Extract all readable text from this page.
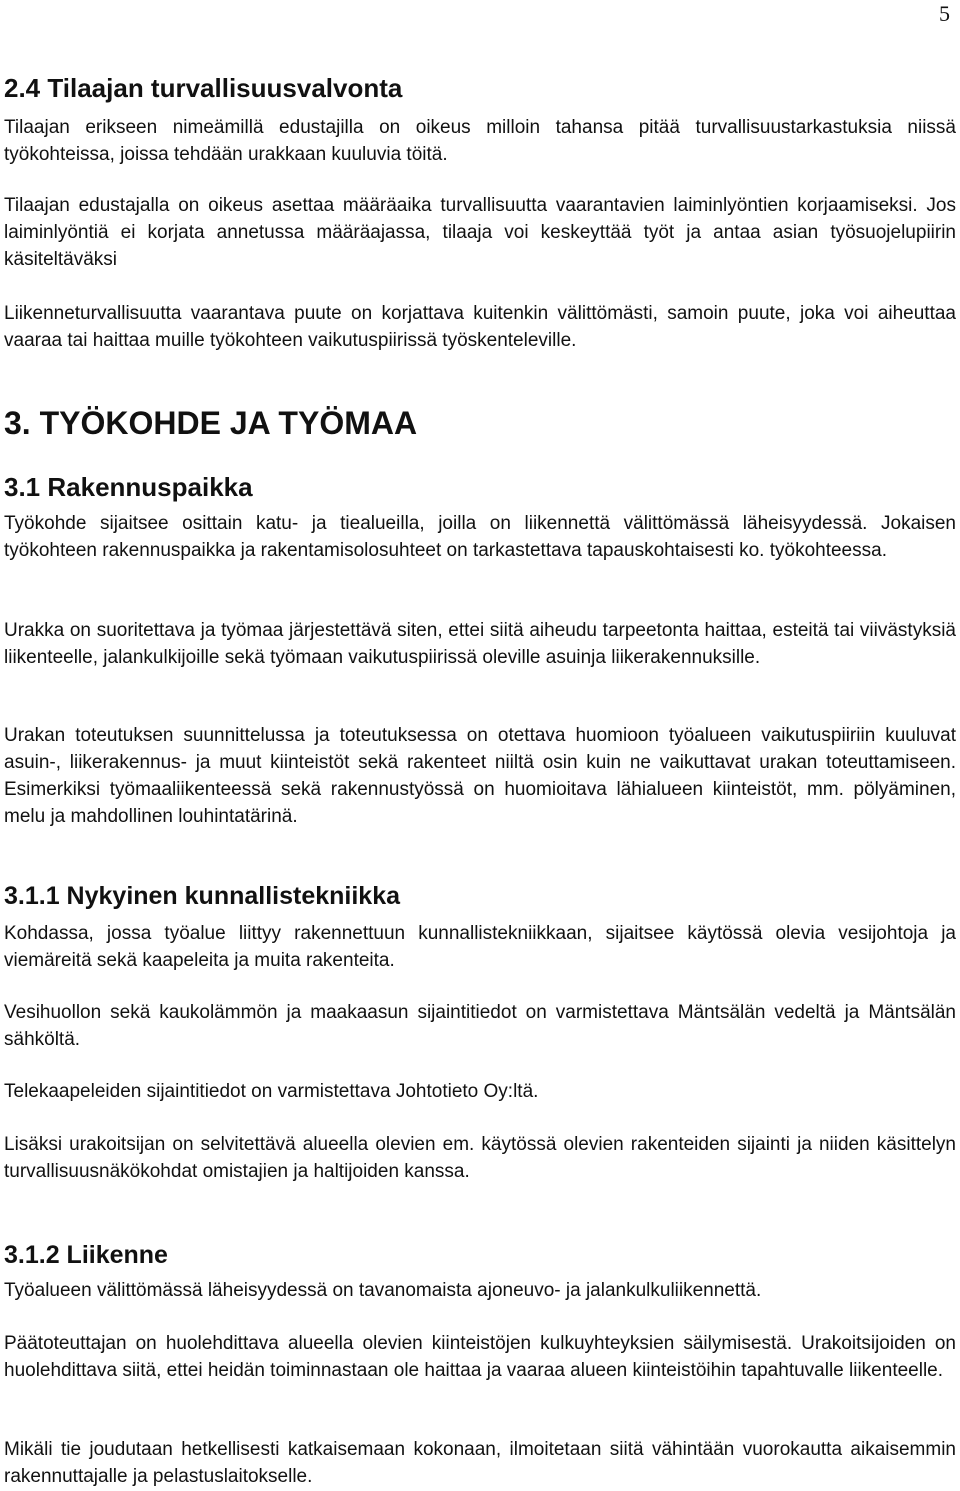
5
2.4 Tilaajan turvallisuusvalvonta

Tilaajan erikseen nimeämillä edustajilla on oikeus milloin tahansa pitää turvallisuustarkastuksia niissä työkohteissa, joissa tehdään urakkaan kuuluvia töitä.

Tilaajan edustajalla on oikeus asettaa määräaika turvallisuutta vaarantavien laiminlyöntien korjaamiseksi. Jos laiminlyöntiä ei korjata annetussa määräajassa, tilaaja voi keskeyttää työt ja antaa asian työsuojelupiirin käsiteltäväksi

Liikenneturvallisuutta vaarantava puute on korjattava kuitenkin välittömästi, samoin puute, joka voi aiheuttaa vaaraa tai haittaa muille työkohteen vaikutuspiirissä työskenteleville.

3. TYÖKOHDE JA TYÖMAA
3.1 Rakennuspaikka

Työkohde sijaitsee osittain katu- ja tiealueilla, joilla on liikennettä välittömässä läheisyydessä. Jokaisen työkohteen rakennuspaikka ja rakentamisolosuhteet on tarkastettava tapauskohtaisesti ko. työkohteessa.

Urakka on suoritettava ja työmaa järjestettävä siten, ettei siitä aiheudu tarpeetonta haittaa, esteitä tai viivästyksiä liikenteelle, jalankulkijoille sekä työmaan vaikutuspiirissä oleville asuinja liikerakennuksille.

Urakan toteutuksen suunnittelussa ja toteutuksessa on otettava huomioon työalueen vaikutuspiiriin kuuluvat asuin-, liikerakennus- ja muut kiinteistöt sekä rakenteet niiltä osin kuin ne vaikuttavat urakan toteuttamiseen. Esimerkiksi työmaaliikenteessä sekä rakennustyössä on huomioitava lähialueen kiinteistöt, mm. pölyäminen, melu ja mahdollinen louhintatärinä.

3.1.1 Nykyinen kunnallistekniikka

Kohdassa, jossa työalue liittyy rakennettuun kunnallistekniikkaan, sijaitsee käytössä olevia vesijohtoja ja viemäreitä sekä kaapeleita ja muita rakenteita.

Vesihuollon sekä kaukolämmön ja maakaasun sijaintitiedot on varmistettava Mäntsälän vedeltä ja Mäntsälän sähköltä.

Telekaapeleiden sijaintitiedot on varmistettava Johtotieto Oy:ltä.

Lisäksi urakoitsijan on selvitettävä alueella olevien em. käytössä olevien rakenteiden sijainti ja niiden käsittelyn turvallisuusnäkökohdat omistajien ja haltijoiden kanssa.

3.1.2 Liikenne

Työalueen välittömässä läheisyydessä on tavanomaista ajoneuvo- ja jalankulkuliikennettä.

Päätoteuttajan on huolehdittava alueella olevien kiinteistöjen kulkuyhteyksien säilymisestä. Urakoitsijoiden on huolehdittava siitä, ettei heidän toiminnastaan ole haittaa ja vaaraa alueen kiinteistöihin tapahtuvalle liikenteelle.

Mikäli tie joudutaan hetkellisesti katkaisemaan kokonaan, ilmoitetaan siitä vähintään vuorokautta aikaisemmin rakennuttajalle ja pelastuslaitokselle.
